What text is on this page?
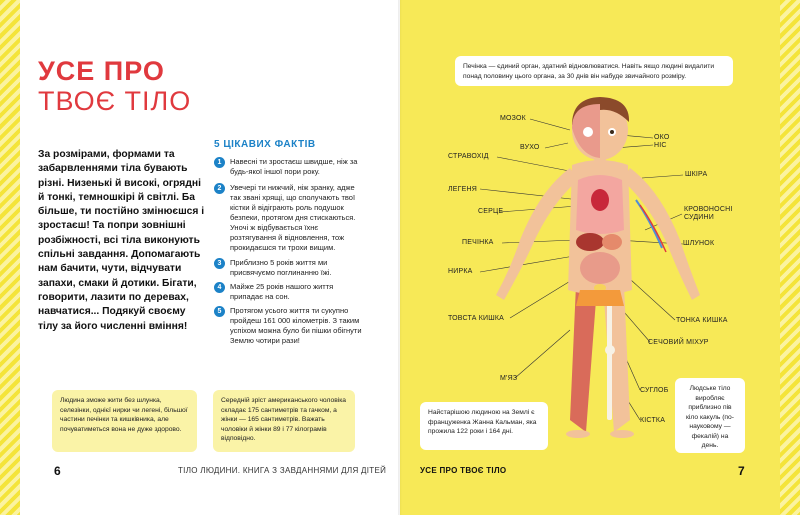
УСЕ ПРО
ТВОЄ ТІЛО
За розмірами, формами та забарвленнями тіла бувають різні. Низенькі й високі, огрядні й тонкі, темношкірі й світлі. Ба більше, ти постійно змінюєшся і зростаєш! Та попри зовнішні розбіжності, всі тіла виконують спільні завдання. Допомагають нам бачити, чути, відчувати запахи, смаки й дотики. Бігати, говорити, лазити по деревах, навчатися... Подякуй своєму тілу за його численні вміння!
5 ЦІКАВИХ ФАКТІВ
1	Навесні ти зростаєш швидше, ніж за будь-якої іншої пори року.
2	Увечері ти нижчий, ніж зранку, адже так звані хрящі, що сполучають твої кістки й відіграють роль подушок безпеки, протягом дня стискаються. Уночі ж відбувається їхнє розтягування й відновлення, тож прокидаєшся ти трохи вищим.
3	Приблизно 5 років життя ми присвячуємо поглинанню їжі.
4	Майже 25 років нашого життя припадає на сон.
5	Протягом усього життя ти сукупно пройдеш 161 000 кілометрів. З таким успіхом можна було би пішки обігнути Землю чотири рази!
Людина зможе жити без шлунка, селезінки, однієї нирки чи легені, більшої частини печінки та кишківника, але почуватиметься вона не дуже здорово.
Середній зріст американського чоловіка складає 175 сантиметрів та гачком, а жінки — 165 сантиметрів. Важать чоловіки й жінки 89 і 77 кілограмів відповідно.
6	ТІЛО ЛЮДИНИ. КНИГА З ЗАВДАННЯМИ ДЛЯ ДІТЕЙ
Печінка — єдиний орган, здатний відновлюватися. Навіть якщо людині видалити понад половину цього органа, за 30 днів він набуде звичайного розміру.
МОЗОК
ВУХО
ОКО
НІС
СТРАВОХІД
ШКІРА
ЛЕГЕНЯ
СЕРЦЕ	КРОВОНОСНІ СУДИНИ
ПЕЧІНКА	ШЛУНОК
НИРКА
ТОВСТА КИШКА	ТОНКА КИШКА
СЕЧОВИЙ МІХУР
М'ЯЗ
СУГЛОБ
КІСТКА
Найстарішою людиною на Землі є француженка Жанна Кальман, яка прожила 122 роки і 164 дні.
Людське тіло виробляє приблизно пів кіло какуль (по-науковому — фекалій) на день.
УСЕ ПРО ТВОЄ ТІЛО	7
